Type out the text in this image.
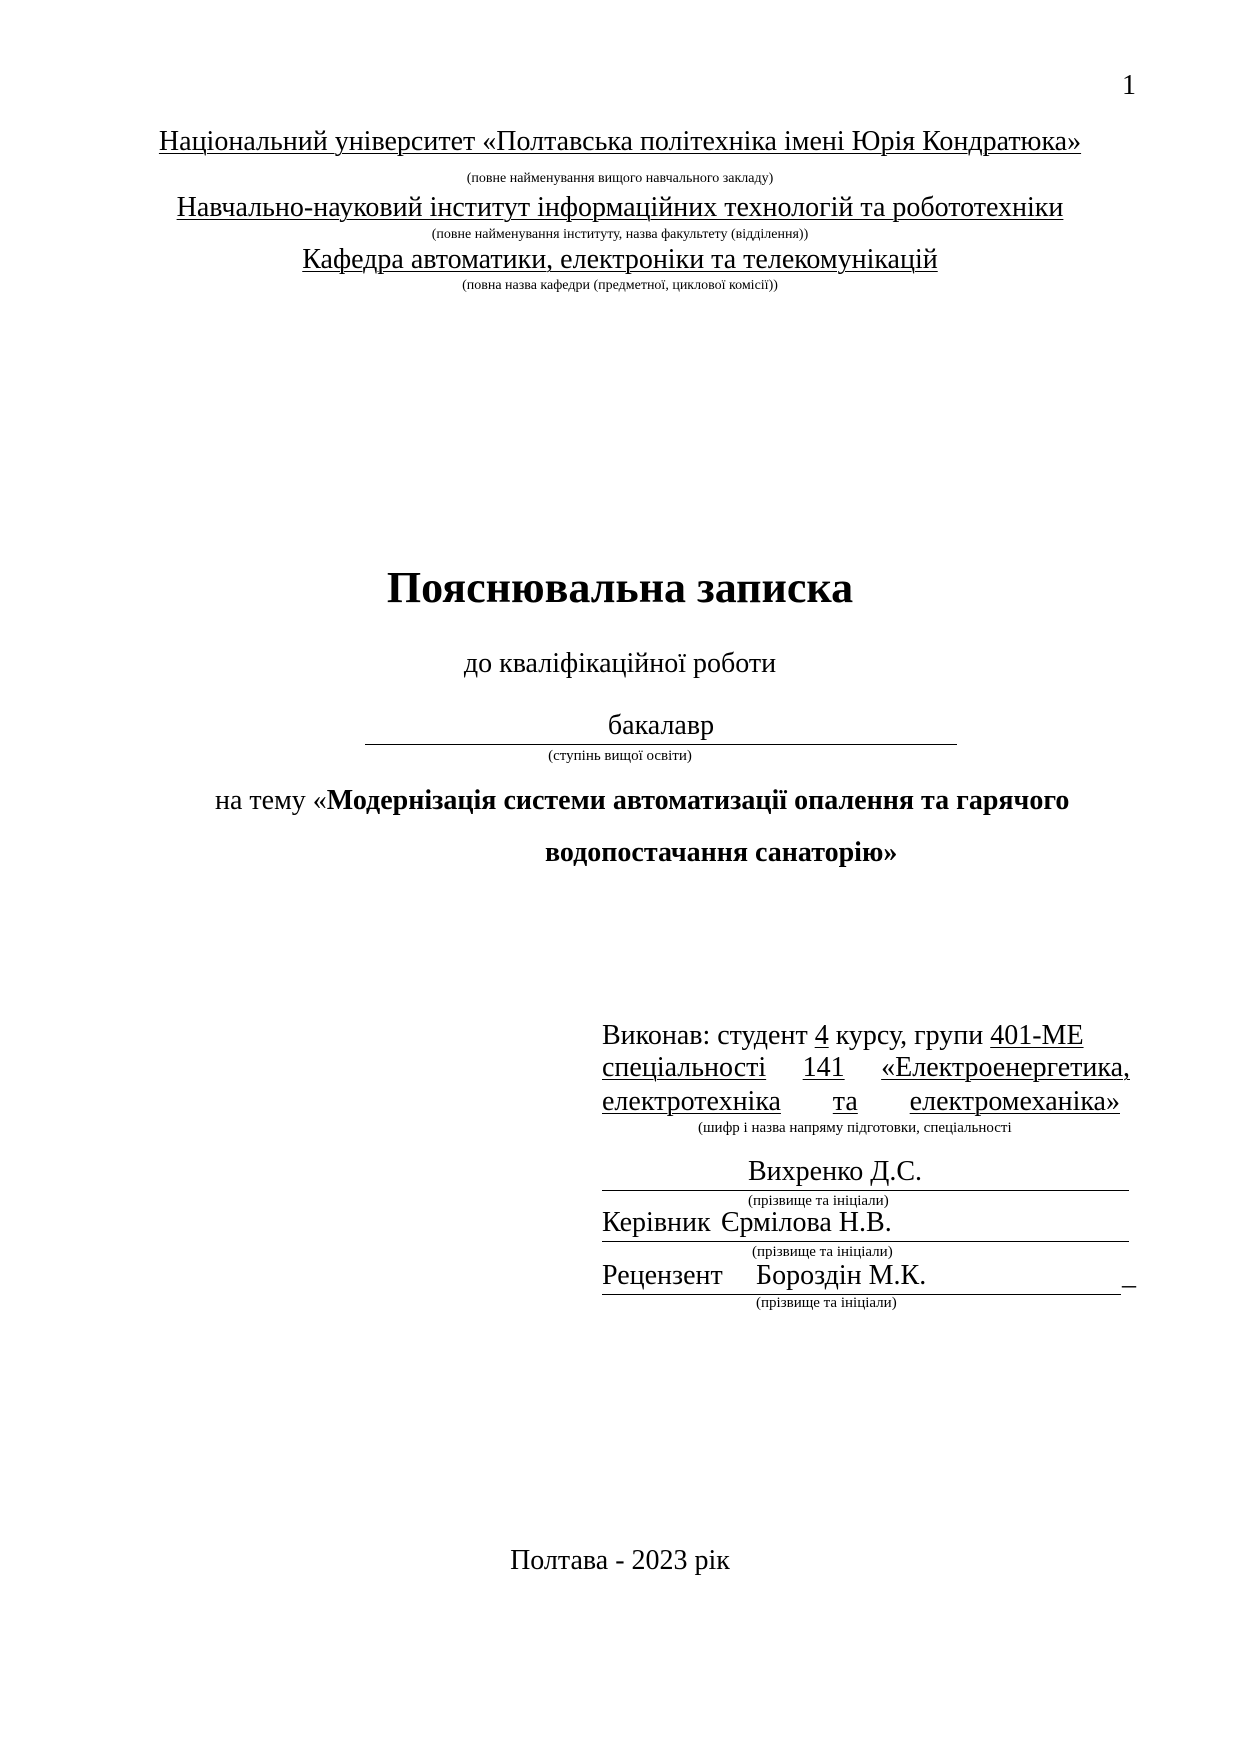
1
Національний університет «Полтавська політехніка імені Юрія Кондратюка»
(повне найменування вищого навчального закладу)
Навчально-науковий інститут інформаційних технологій та робототехніки
(повне найменування інституту, назва факультету (відділення))
Кафедра автоматики, електроніки та телекомунікацій
(повна назва кафедри (предметної, циклової комісії))
Пояснювальна записка
до кваліфікаційної роботи
бакалавр
(ступінь вищої освіти)
на тему «Модернізація системи автоматизації опалення та гарячого
водопостачання санаторію»
Виконав: студент 4 курсу, групи 401-МЕ
спеціальності 141 «Електроенергетика,
електротехніка та електромеханіка»
(шифр і назва напряму підготовки, спеціальності
Вихренко Д.С.
(прізвище та ініціали)
Керівник Єрмілова Н.В.
(прізвище та ініціали)
Рецензент Бороздін М.К.	_
(прізвище та ініціали)
Полтава - 2023 рік
